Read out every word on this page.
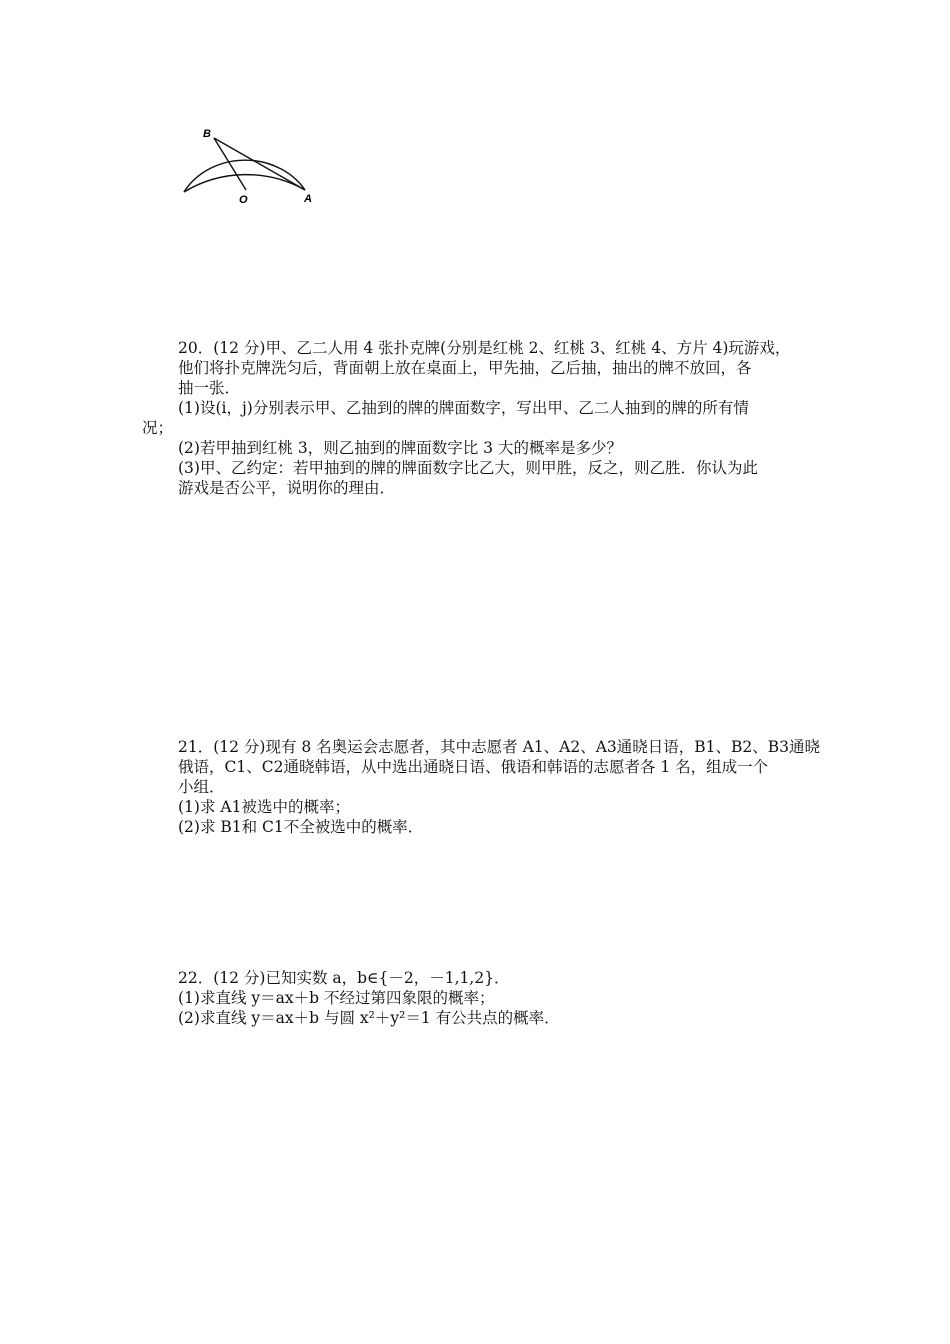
B
O	A
20．(12 分)甲、乙二人用 4 张扑克牌(分别是红桃 2、红桃 3、红桃 4、方片 4)玩游戏，
他们将扑克牌洗匀后，背面朝上放在桌面上，甲先抽，乙后抽，抽出的牌不放回，各
抽一张．
(1)设(i，j)分别表示甲、乙抽到的牌的牌面数字，写出甲、乙二人抽到的牌的所有情
况；
(2)若甲抽到红桃 3，则乙抽到的牌面数字比 3 大的概率是多少？
(3)甲、乙约定：若甲抽到的牌的牌面数字比乙大，则甲胜，反之，则乙胜．你认为此
游戏是否公平，说明你的理由．
21．(12 分)现有 8 名奥运会志愿者，其中志愿者 A1、A2、A3通晓日语，B1、B2、B3通晓
俄语，C1、C2通晓韩语，从中选出通晓日语、俄语和韩语的志愿者各 1 名，组成一个
小组．
(1)求 A1被选中的概率；
(2)求 B1和 C1不全被选中的概率．
22．(12 分)已知实数 a，b∈{－2，－1,1,2}．
(1)求直线 y＝ax＋b 不经过第四象限的概率；
(2)求直线 y＝ax＋b 与圆 x²＋y²＝1 有公共点的概率．
